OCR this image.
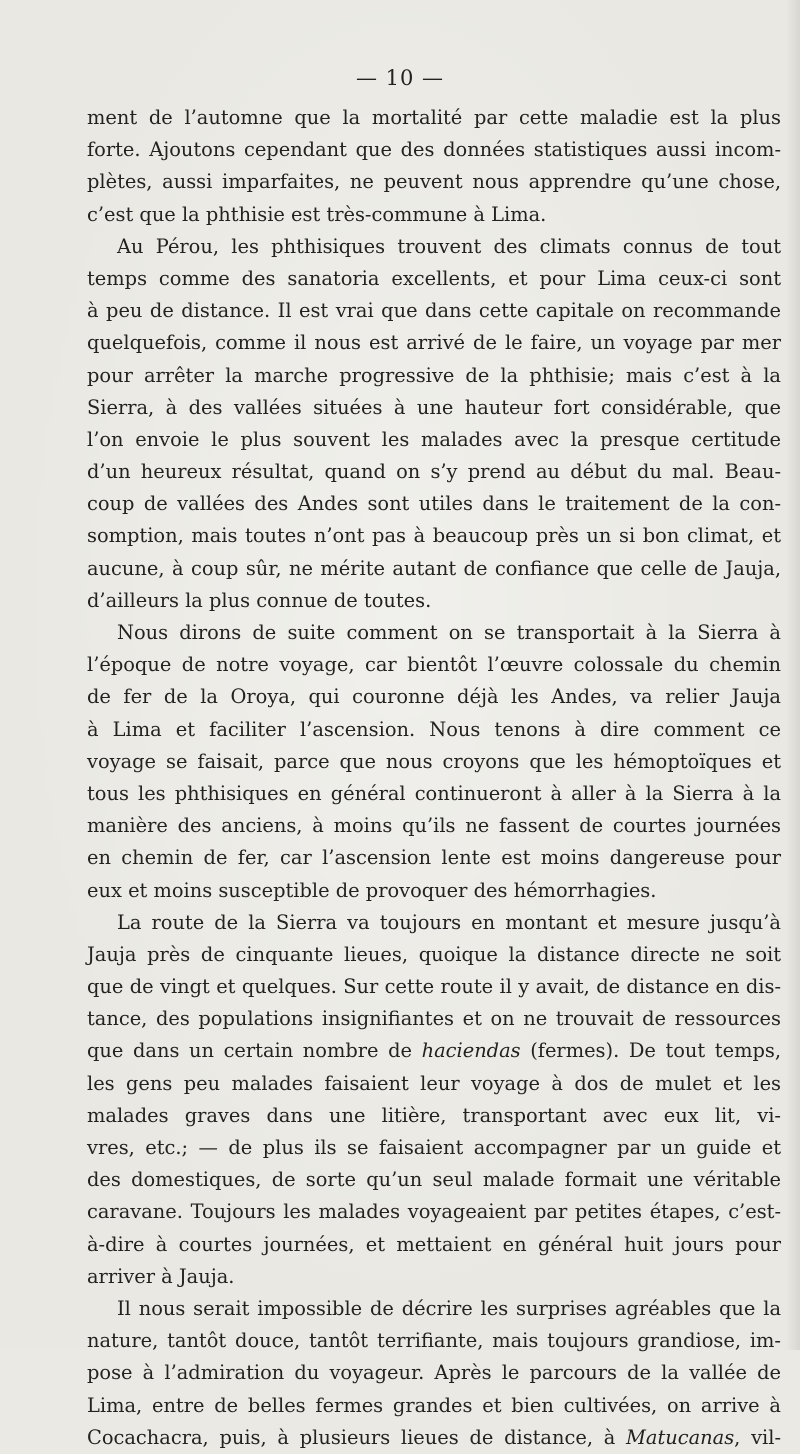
— 10 —
ment de l’automne que la mortalité par cette maladie est la plus
forte. Ajoutons cependant que des données statistiques aussi incom-
plètes, aussi imparfaites, ne peuvent nous apprendre qu’une chose,
c’est que la phthisie est très-commune à Lima.
Au Pérou, les phthisiques trouvent des climats connus de tout
temps comme des sanatoria excellents, et pour Lima ceux-ci sont
à peu de distance. Il est vrai que dans cette capitale on recommande
quelquefois, comme il nous est arrivé de le faire, un voyage par mer
pour arrêter la marche progressive de la phthisie; mais c’est à la
Sierra, à des vallées situées à une hauteur fort considérable, que
l’on envoie le plus souvent les malades avec la presque certitude
d’un heureux résultat, quand on s’y prend au début du mal. Beau-
coup de vallées des Andes sont utiles dans le traitement de la con-
somption, mais toutes n’ont pas à beaucoup près un si bon climat, et
aucune, à coup sûr, ne mérite autant de confiance que celle de Jauja,
d’ailleurs la plus connue de toutes.
Nous dirons de suite comment on se transportait à la Sierra à
l’époque de notre voyage, car bientôt l’œuvre colossale du chemin
de fer de la Oroya, qui couronne déjà les Andes, va relier Jauja
à Lima et faciliter l’ascension. Nous tenons à dire comment ce
voyage se faisait, parce que nous croyons que les hémoptoïques et
tous les phthisiques en général continueront à aller à la Sierra à la
manière des anciens, à moins qu’ils ne fassent de courtes journées
en chemin de fer, car l’ascension lente est moins dangereuse pour
eux et moins susceptible de provoquer des hémorrhagies.
La route de la Sierra va toujours en montant et mesure jusqu’à
Jauja près de cinquante lieues, quoique la distance directe ne soit
que de vingt et quelques. Sur cette route il y avait, de distance en dis-
tance, des populations insignifiantes et on ne trouvait de ressources
que dans un certain nombre de haciendas (fermes). De tout temps,
les gens peu malades faisaient leur voyage à dos de mulet et les
malades graves dans une litière, transportant avec eux lit, vi-
vres, etc.; — de plus ils se faisaient accompagner par un guide et
des domestiques, de sorte qu’un seul malade formait une véritable
caravane. Toujours les malades voyageaient par petites étapes, c’est-
à-dire à courtes journées, et mettaient en général huit jours pour
arriver à Jauja.
Il nous serait impossible de décrire les surprises agréables que la
nature, tantôt douce, tantôt terrifiante, mais toujours grandiose, im-
pose à l’admiration du voyageur. Après le parcours de la vallée de
Lima, entre de belles fermes grandes et bien cultivées, on arrive à
Cocachacra, puis, à plusieurs lieues de distance, à Matucanas, vil-
